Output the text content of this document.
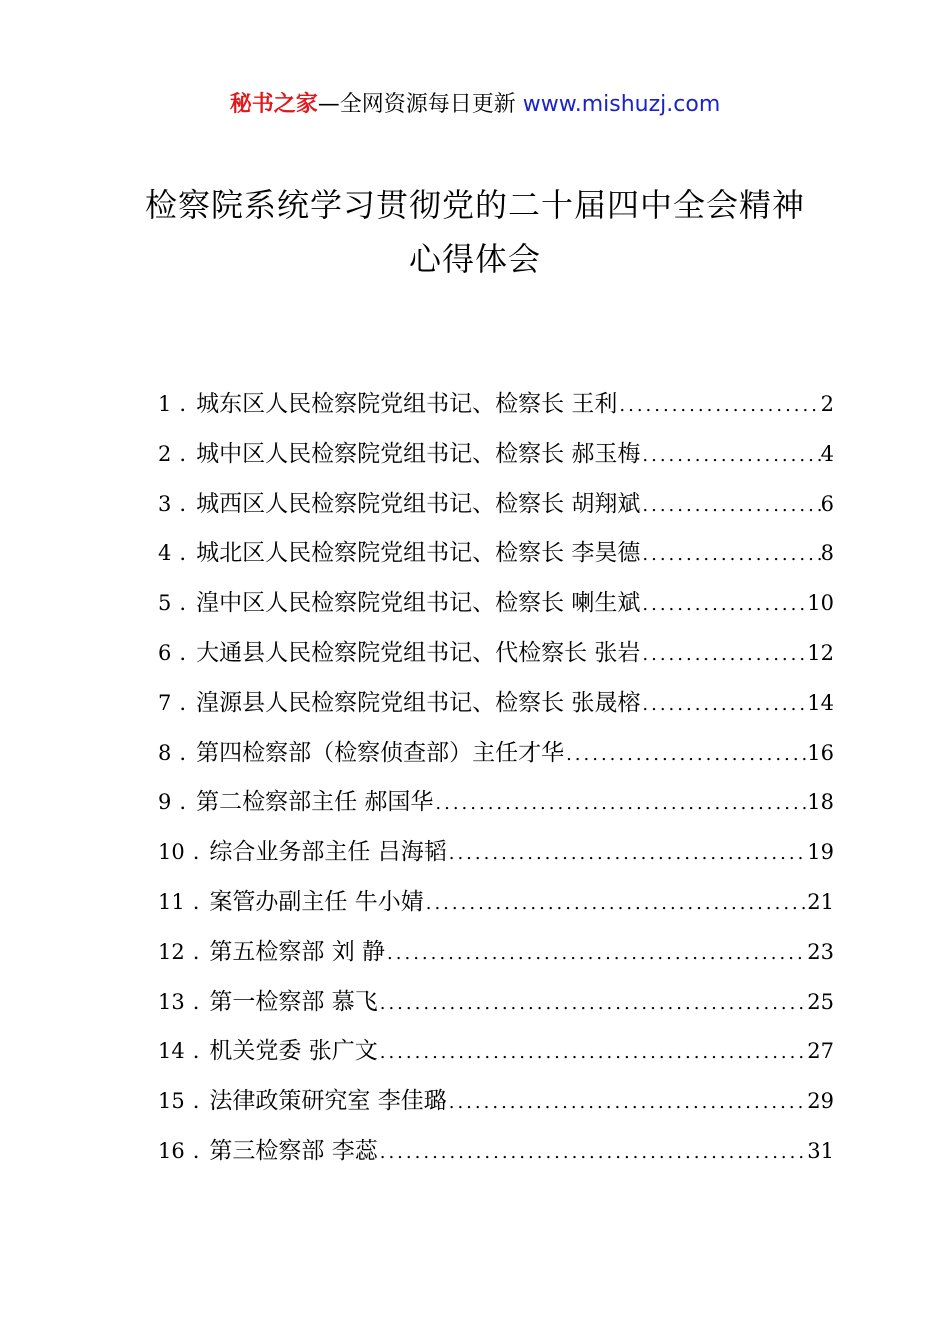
秘书之家—全网资源每日更新 www.mishuzj.com
检察院系统学习贯彻党的二十届四中全会精神
心得体会
1 . 城东区人民检察院党组书记、检察长 王利 .....	2
2 . 城中区人民检察院党组书记、检察长 郝玉梅 .....	4
3 . 城西区人民检察院党组书记、检察长 胡翔斌 .....	6
4 . 城北区人民检察院党组书记、检察长 李昊德 .....	8
5 . 湟中区人民检察院党组书记、检察长 喇生斌 .....	10
6 . 大通县人民检察院党组书记、代检察长 张岩 .....	12
7 . 湟源县人民检察院党组书记、检察长 张晟榕 .....	14
8 . 第四检察部（检察侦查部）主任才华 .....	16
9 . 第二检察部主任 郝国华 .....	18
10 . 综合业务部主任 吕海韬 .....	19
11 . 案管办副主任 牛小婧 .....	21
12 . 第五检察部 刘 静 .....	23
13 . 第一检察部 慕飞 .....	25
14 . 机关党委 张广文 .....	27
15 . 法律政策研究室 李佳璐 .....	29
16 . 第三检察部 李蕊 .....	31
